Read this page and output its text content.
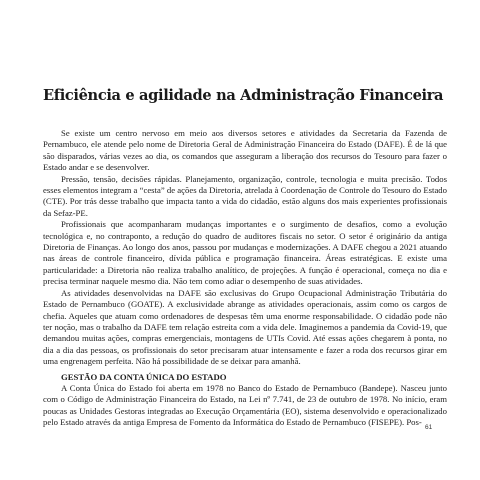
Eficiência e agilidade na Administração Financeira

Se existe um centro nervoso em meio aos diversos setores e atividades da Secretaria da Fazenda de Pernambuco, ele atende pelo nome de Diretoria Geral de Administração Financeira do Estado (DAFE). É de lá que são disparados, várias vezes ao dia, os comandos que asseguram a liberação dos recursos do Tesouro para fazer o Estado andar e se desenvolver.

Pressão, tensão, decisões rápidas. Planejamento, organização, controle, tecnologia e muita precisão. Todos esses elementos integram a “cesta” de ações da Diretoria, atrelada à Coordenação de Controle do Tesouro do Estado (CTE). Por trás desse trabalho que impacta tanto a vida do cidadão, estão alguns dos mais experientes profissionais da Sefaz-PE.

Profissionais que acompanharam mudanças importantes e o surgimento de desafios, como a evolução tecnológica e, no contraponto, a redução do quadro de auditores fiscais no setor. O setor é originário da antiga Diretoria de Finanças. Ao longo dos anos, passou por mudanças e modernizações. A DAFE chegou a 2021 atuando nas áreas de controle financeiro, dívida pública e programação financeira. Áreas estratégicas. E existe uma particularidade: a Diretoria não realiza trabalho analítico, de projeções. A função é operacional, começa no dia e precisa terminar naquele mesmo dia. Não tem como adiar o desempenho de suas atividades.

As atividades desenvolvidas na DAFE são exclusivas do Grupo Ocupacional Administração Tributária do Estado de Pernambuco (GOATE). A exclusividade abrange as atividades operacionais, assim como os cargos de chefia. Aqueles que atuam como ordenadores de despesas têm uma enorme responsabilidade. O cidadão pode não ter noção, mas o trabalho da DAFE tem relação estreita com a vida dele. Imaginemos a pandemia da Covid-19, que demandou muitas ações, compras emergenciais, montagens de UTIs Covid. Até essas ações chegarem à ponta, no dia a dia das pessoas, os profissionais do setor precisaram atuar intensamente e fazer a roda dos recursos girar em uma engrenagem perfeita. Não há possibilidade de se deixar para amanhã.

GESTÃO DA CONTA ÚNICA DO ESTADO

A Conta Única do Estado foi aberta em 1978 no Banco do Estado de Pernambuco (Bandepe). Nasceu junto com o Código de Administração Financeira do Estado, na Lei nº 7.741, de 23 de outubro de 1978. No início, eram poucas as Unidades Gestoras integradas ao Execução Orçamentária (EO), sistema desenvolvido e operacionalizado pelo Estado através da antiga Empresa de Fomento da Informática do Estado de Pernambuco (FISEPE). Pos-

61
